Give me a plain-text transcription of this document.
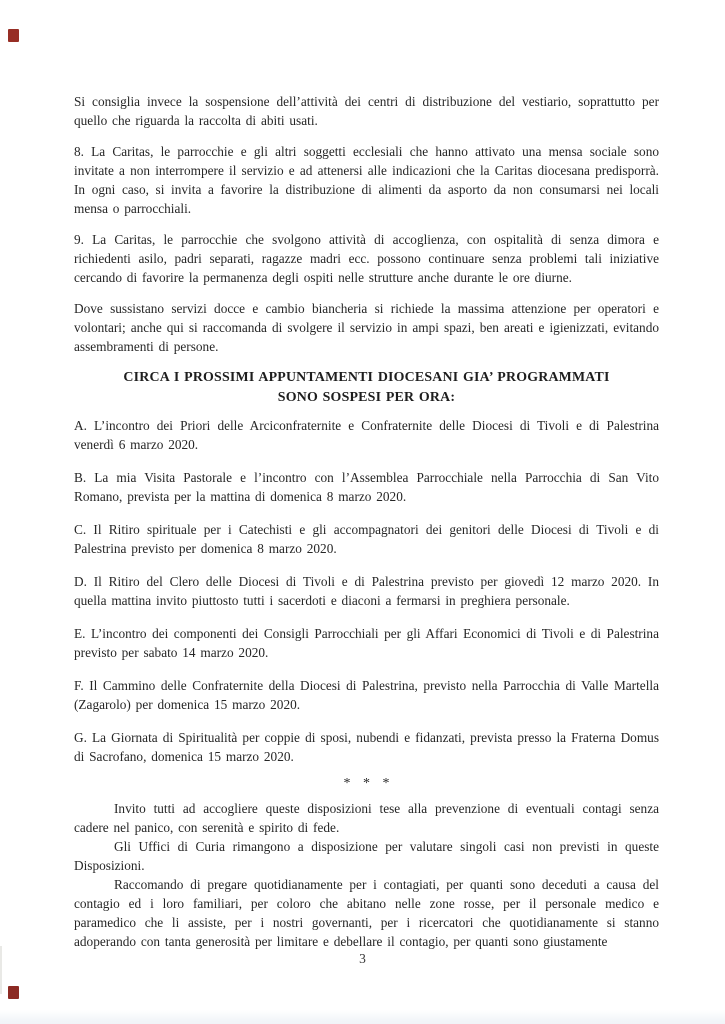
Si consiglia invece la sospensione dell’attività dei centri di distribuzione del vestiario, soprattutto per quello che riguarda la raccolta di abiti usati.

8. La Caritas, le parrocchie e gli altri soggetti ecclesiali che hanno attivato una mensa sociale sono invitate a non interrompere il servizio e ad attenersi alle indicazioni che la Caritas diocesana predisporrà. In ogni caso, si invita a favorire la distribuzione di alimenti da asporto da non consumarsi nei locali mensa o parrocchiali.

9. La Caritas, le parrocchie che svolgono attività di accoglienza, con ospitalità di senza dimora e richiedenti asilo, padri separati, ragazze madri ecc. possono continuare senza problemi tali iniziative cercando di favorire la permanenza degli ospiti nelle strutture anche durante le ore diurne.

Dove sussistano servizi docce e cambio biancheria si richiede la massima attenzione per operatori e volontari; anche qui si raccomanda di svolgere il servizio in ampi spazi, ben areati e igienizzati, evitando assembramenti di persone.

CIRCA I PROSSIMI APPUNTAMENTI DIOCESANI GIA’ PROGRAMMATI
SONO SOSPESI PER ORA:

A. L’incontro dei Priori delle Arciconfraternite e Confraternite delle Diocesi di Tivoli e di Palestrina venerdì 6 marzo 2020.

B. La mia Visita Pastorale e l’incontro con l’Assemblea Parrocchiale nella Parrocchia di San Vito Romano, prevista per la mattina di domenica 8 marzo 2020.

C. Il Ritiro spirituale per i Catechisti e gli accompagnatori dei genitori delle Diocesi di Tivoli e di Palestrina previsto per domenica 8 marzo 2020.

D. Il Ritiro del Clero delle Diocesi di Tivoli e di Palestrina previsto per giovedì 12 marzo 2020. In quella mattina invito piuttosto tutti i sacerdoti e diaconi a fermarsi in preghiera personale.

E. L’incontro dei componenti dei Consigli Parrocchiali per gli Affari Economici di Tivoli e di Palestrina previsto per sabato 14 marzo 2020.

F. Il Cammino delle Confraternite della Diocesi di Palestrina, previsto nella Parrocchia di Valle Martella (Zagarolo) per domenica 15 marzo 2020.

G. La Giornata di Spiritualità per coppie di sposi, nubendi e fidanzati, prevista presso la Fraterna Domus di Sacrofano, domenica 15 marzo 2020.

* * *

Invito tutti ad accogliere queste disposizioni tese alla prevenzione di eventuali contagi senza cadere nel panico, con serenità e spirito di fede.

Gli Uffici di Curia rimangono a disposizione per valutare singoli casi non previsti in queste Disposizioni.

Raccomando di pregare quotidianamente per i contagiati, per quanti sono deceduti a causa del contagio ed i loro familiari, per coloro che abitano nelle zone rosse, per il personale medico e paramedico che li assiste, per i nostri governanti, per i ricercatori che quotidianamente si stanno adoperando con tanta generosità per limitare e debellare il contagio, per quanti sono giustamente

3
